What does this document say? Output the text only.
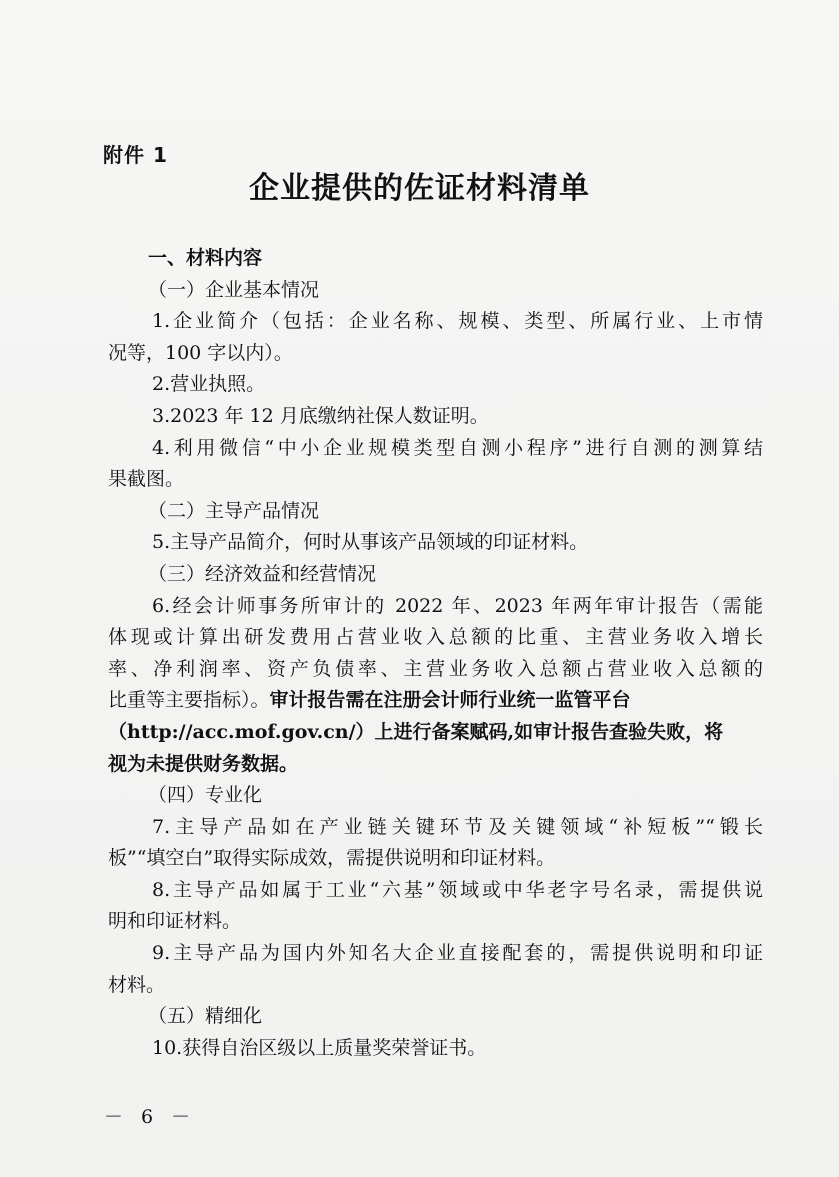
附件 1
企业提供的佐证材料清单
一、材料内容
（一）企业基本情况
1.企业简介（包括：企业名称、规模、类型、所属行业、上市情
况等，100 字以内）。
2.营业执照。
3.2023 年 12 月底缴纳社保人数证明。
4.利用微信“中小企业规模类型自测小程序”进行自测的测算结
果截图。
（二）主导产品情况
5.主导产品简介，何时从事该产品领域的印证材料。
（三）经济效益和经营情况
6.经会计师事务所审计的 2022 年、2023 年两年审计报告（需能
体现或计算出研发费用占营业收入总额的比重、主营业务收入增长
率、净利润率、资产负债率、主营业务收入总额占营业收入总额的
比重等主要指标）。审计报告需在注册会计师行业统一监管平台
（http://acc.mof.gov.cn/）上进行备案赋码,如审计报告查验失败，将
视为未提供财务数据。
（四）专业化
7.主导产品如在产业链关键环节及关键领域“补短板”“锻长
板”“填空白”取得实际成效，需提供说明和印证材料。
8.主导产品如属于工业“六基”领域或中华老字号名录，需提供说
明和印证材料。
9.主导产品为国内外知名大企业直接配套的，需提供说明和印证
材料。
（五）精细化
10.获得自治区级以上质量奖荣誉证书。
－ 6 －
